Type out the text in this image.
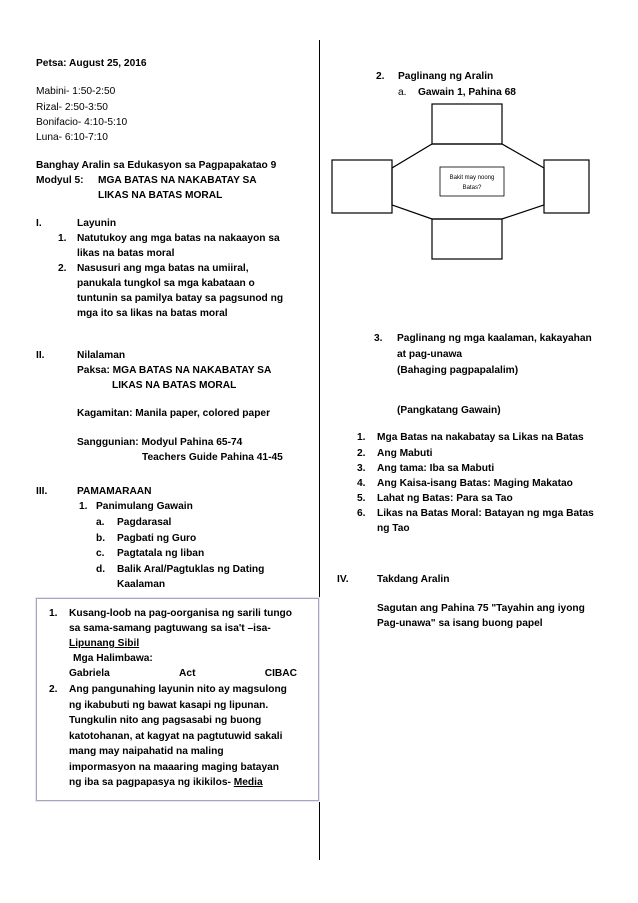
Petsa: August 25, 2016
Mabini- 1:50-2:50
Rizal- 2:50-3:50
Bonifacio- 4:10-5:10
Luna- 6:10-7:10
Banghay Aralin sa Edukasyon sa Pagpapakatao 9
Modyul 5: MGA BATAS NA NAKABATAY SA
LIKAS NA BATAS MORAL
I.	Layunin
1. Natutukoy ang mga batas na nakaayon sa
likas na batas moral
2. Nasusuri ang mga batas na umiiral,
panukala tungkol sa mga kabataan o
tuntunin sa pamilya batay sa pagsunod ng
mga ito sa likas na batas moral
II.	Nilalaman
Paksa: MGA BATAS NA NAKABATAY SA
LIKAS NA BATAS MORAL
Kagamitan: Manila paper, colored paper
Sanggunian: Modyul Pahina 65-74
Teachers Guide Pahina 41-45
III.	PAMAMARAAN
1. Panimulang Gawain
a. Pagdarasal
b. Pagbati ng Guro
c. Pagtatala ng liban
d. Balik Aral/Pagtuklas ng Dating
Kaalaman
1. Kusang-loob na pag-oorganisa ng sarili tungo
sa sama-samang pagtuwang sa isa't –isa-
Lipunang Sibil
Mga Halimbawa:
Gabriela	Act	CIBAC
2. Ang pangunahing layunin nito ay magsulong
ng ikabubuti ng bawat kasapi ng lipunan.
Tungkulin nito ang pagsasabi ng buong
katotohanan, at kagyat na pagtutuwid sakali
mang may naipahatid na maling
impormasyon na maaaring maging batayan
ng iba sa pagpapasya ng ikikilos- Media
2. Paglinang ng Aralin
a. Gawain 1, Pahina 68
Bakit may noong
Batas?
3. Paglinang ng mga kaalaman, kakayahan
at pag-unawa
(Bahaging pagpapalalim)
(Pangkatang Gawain)
1. Mga Batas na nakabatay sa Likas na Batas
2. Ang Mabuti
3. Ang tama: Iba sa Mabuti
4. Ang Kaisa-isang Batas: Maging Makatao
5. Lahat ng Batas: Para sa Tao
6. Likas na Batas Moral: Batayan ng mga Batas
ng Tao
IV.	Takdang Aralin
Sagutan ang Pahina 75 "Tayahin ang iyong
Pag-unawa" sa isang buong papel
